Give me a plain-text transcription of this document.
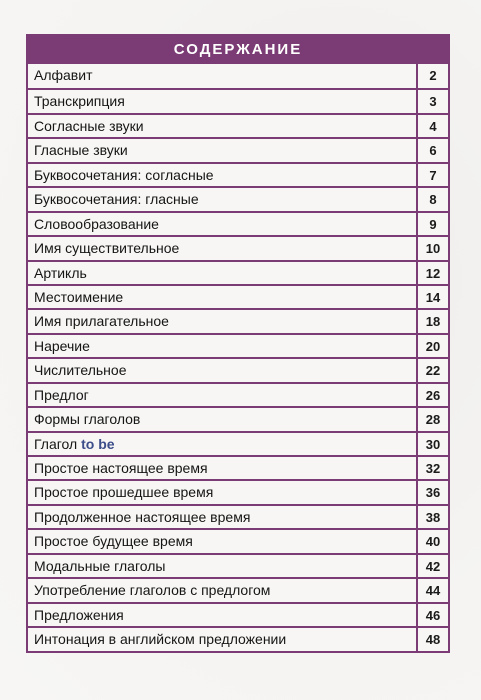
СОДЕРЖАНИЕ
Алфавит	2
Транскрипция	3
Согласные звуки	4
Гласные звуки	6
Буквосочетания: согласные	7
Буквосочетания: гласные	8
Словообразование	9
Имя существительное	10
Артикль	12
Местоимение	14
Имя прилагательное	18
Наречие	20
Числительное	22
Предлог	26
Формы глаголов	28
Глагол to be	30
Простое настоящее время	32
Простое прошедшее время	36
Продолженное настоящее время	38
Простое будущее время	40
Модальные глаголы	42
Употребление глаголов с предлогом	44
Предложения	46
Интонация в английском предложении	48
